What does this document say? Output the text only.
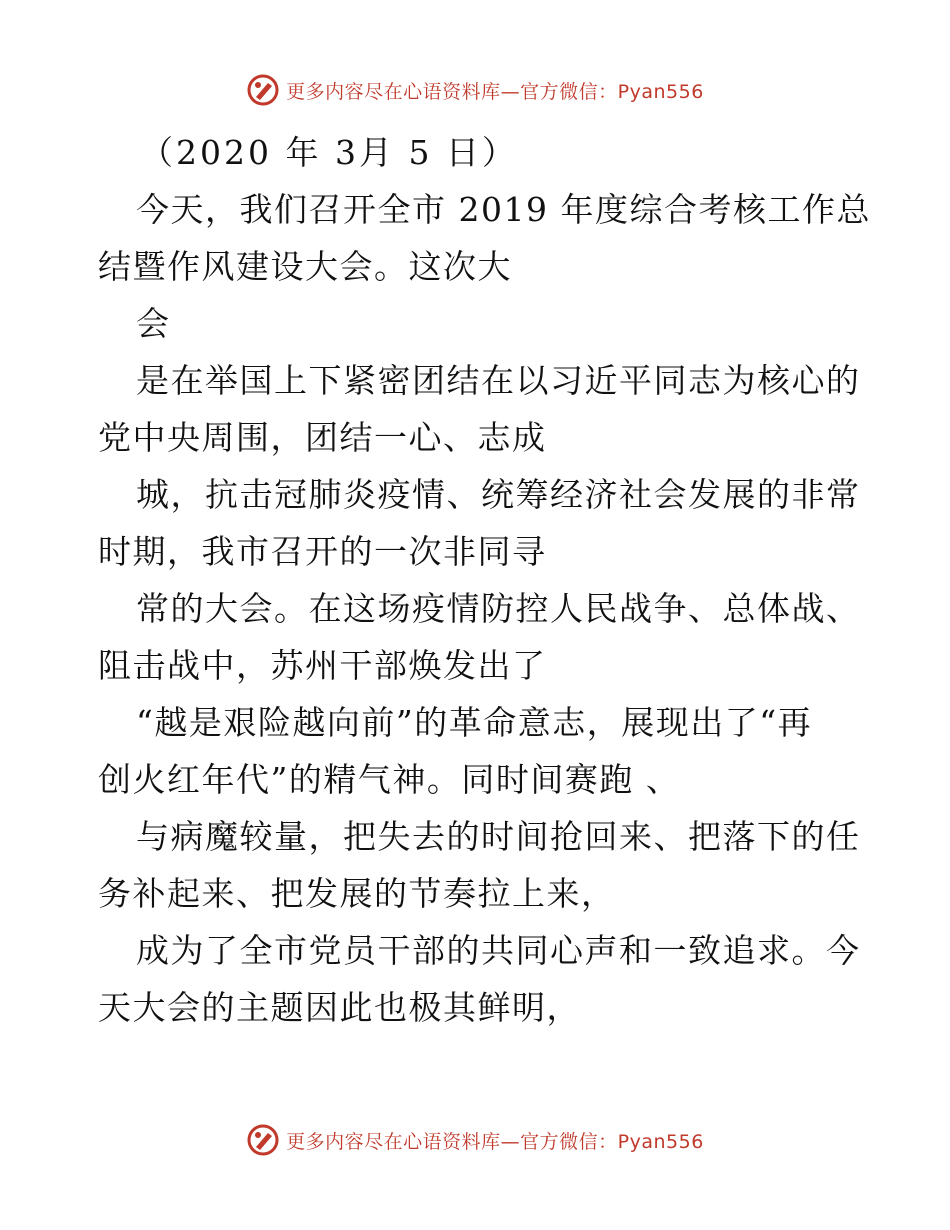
更多内容尽在心语资料库—官方微信：Pyan556
（2020 年 3月 5 日）
今天，我们召开全市 2019 年度综合考核工作总
结暨作风建设大会。这次大
会
是在举国上下紧密团结在以习近平同志为核心的
党中央周围，团结一心、志成
城，抗击冠肺炎疫情、统筹经济社会发展的非常
时期，我市召开的一次非同寻
常的大会。在这场疫情防控人民战争、总体战、
阻击战中，苏州干部焕发出了
“越是艰险越向前”的革命意志，展现出了“再
创火红年代”的精气神。同时间赛跑 、
与病魔较量，把失去的时间抢回来、把落下的任
务补起来、把发展的节奏拉上来，
成为了全市党员干部的共同心声和一致追求。今
天大会的主题因此也极其鲜明，
更多内容尽在心语资料库—官方微信：Pyan556
